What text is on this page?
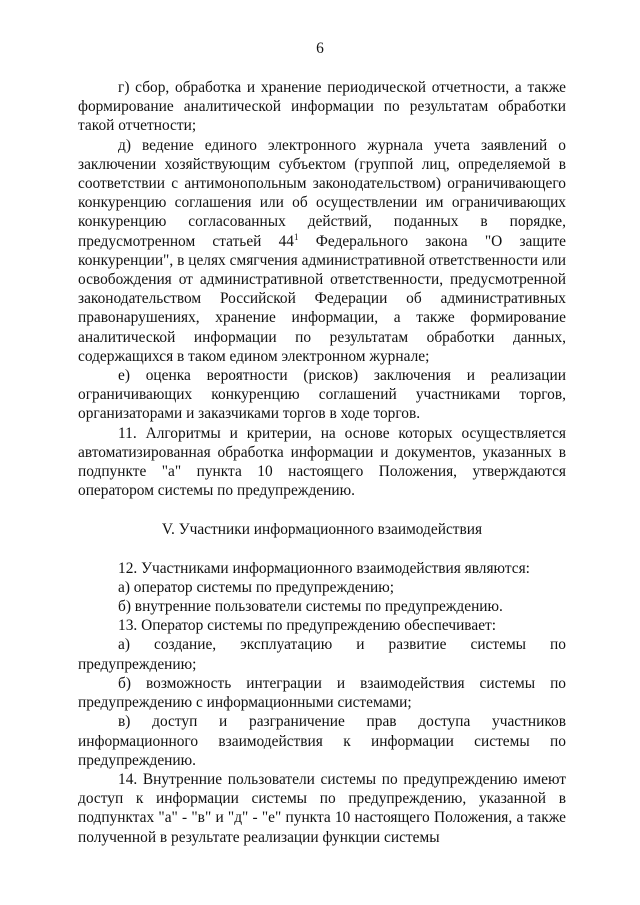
6

г) сбор, обработка и хранение периодической отчетности, а также формирование аналитической информации по результатам обработки такой отчетности;

д) ведение единого электронного журнала учета заявлений о заключении хозяйствующим субъектом (группой лиц, определяемой в соответствии с антимонопольным законодательством) ограничивающего конкуренцию соглашения или об осуществлении им ограничивающих конкуренцию согласованных действий, поданных в порядке, предусмотренном статьей $44^1$ Федерального закона "О защите конкуренции", в целях смягчения административной ответственности или освобождения от административной ответственности, предусмотренной законодательством Российской Федерации об административных правонарушениях, хранение информации, а также формирование аналитической информации по результатам обработки данных, содержащихся в таком едином электронном журнале;

е) оценка вероятности (рисков) заключения и реализации ограничивающих конкуренцию соглашений участниками торгов, организаторами и заказчиками торгов в ходе торгов.

11. Алгоритмы и критерии, на основе которых осуществляется автоматизированная обработка информации и документов, указанных в подпункте "а" пункта 10 настоящего Положения, утверждаются оператором системы по предупреждению.

V. Участники информационного взаимодействия

12. Участниками информационного взаимодействия являются:

а) оператор системы по предупреждению;

б) внутренние пользователи системы по предупреждению.

13. Оператор системы по предупреждению обеспечивает:

а) создание, эксплуатацию и развитие системы по предупреждению;

б) возможность интеграции и взаимодействия системы по предупреждению с информационными системами;

в) доступ и разграничение прав доступа участников информационного взаимодействия к информации системы по предупреждению.

14. Внутренние пользователи системы по предупреждению имеют доступ к информации системы по предупреждению, указанной в подпунктах "а" - "в" и "д" - "е" пункта 10 настоящего Положения, а также полученной в результате реализации функции системы
